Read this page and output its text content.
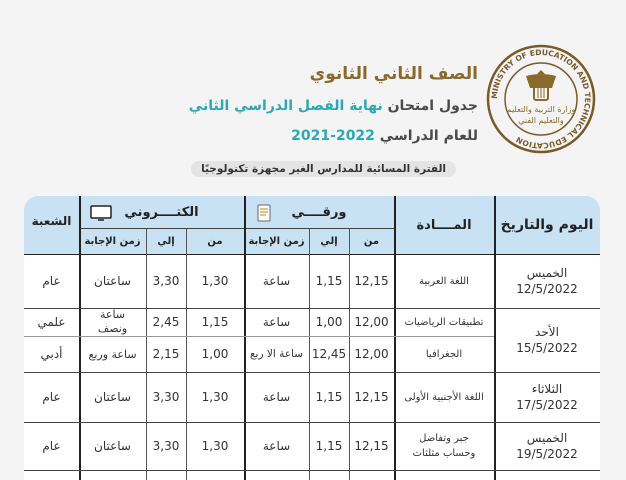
MINISTRY OF EDUCATION AND TECHNICAL EDUCATION
وزارة التربية والتعليم
والتعليم الفني
الصف الثاني الثانوي
جدول امتحان نهاية الفصل الدراسي الثاني
للعام الدراسي 2022-2021
الفترة المسائية للمدارس الغير مجهزة تكنولوجيًا
اليوم والتاريخ
المــــادة
ورقــــي
الكتــــروني
الشعبة
من
إلي
زمن الإجابة
من
إلي
زمن الإجابة
الخميس
12/5/2022
اللغة العربية
12,15
1,15
ساعة
1,30
3,30
ساعتان
عام
الأحد
15/5/2022
تطبيقات الرياضيات
12,00
1,00
ساعة
1,15
2,45
ساعة ونصف
علمي
الجغرافيا
12,00
12,45
ساعة الا ربع
1,00
2,15
ساعة وربع
أدبي
الثلاثاء
17/5/2022
اللغة الأجنبية الأولى
12,15
1,15
ساعة
1,30
3,30
ساعتان
عام
الخميس
19/5/2022
جبر وتفاضل وحساب مثلثات
12,15
1,15
ساعة
1,30
3,30
ساعتان
عام
